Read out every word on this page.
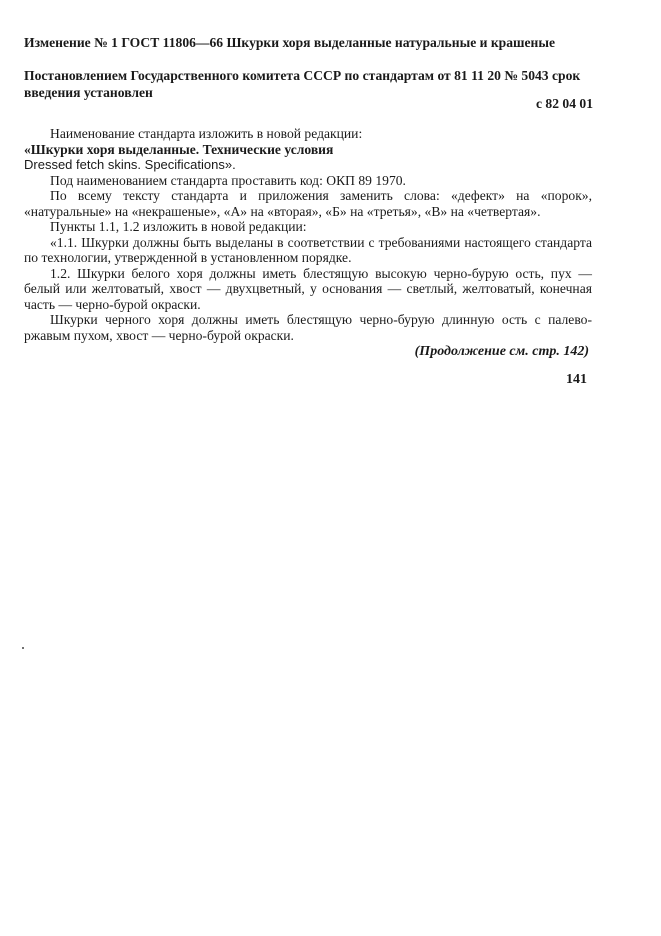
Изменение № 1 ГОСТ 11806—66 Шкурки хоря выделанные натуральные и крашеные
Постановлением Государственного комитета СССР по стандартам от 81 11 20 № 5043 срок введения установлен
с 82 04 01

Наименование стандарта изложить в новой редакции:

«Шкурки хоря выделанные. Технические условия

Dressed fetch skins. Specifications».

Под наименованием стандарта проставить код: ОКП 89 1970.

По всему тексту стандарта и приложения заменить слова: «дефект» на «порок», «натуральные» на «некрашеные», «А» на «вторая», «Б» на «третья», «В» на «четвертая».

Пункты 1.1, 1.2 изложить в новой редакции:

«1.1. Шкурки должны быть выделаны в соответствии с требованиями настоящего стандарта по технологии, утвержденной в установленном порядке.

1.2. Шкурки белого хоря должны иметь блестящую высокую черно-бурую ость, пух — белый или желтоватый, хвост — двухцветный, у основания — светлый, желтоватый, конечная часть — черно-бурой окраски.

Шкурки черного хоря должны иметь блестящую черно-бурую длинную ость с палево-ржавым пухом, хвост — черно-бурой окраски.

(Продолжение см. стр. 142)
141
